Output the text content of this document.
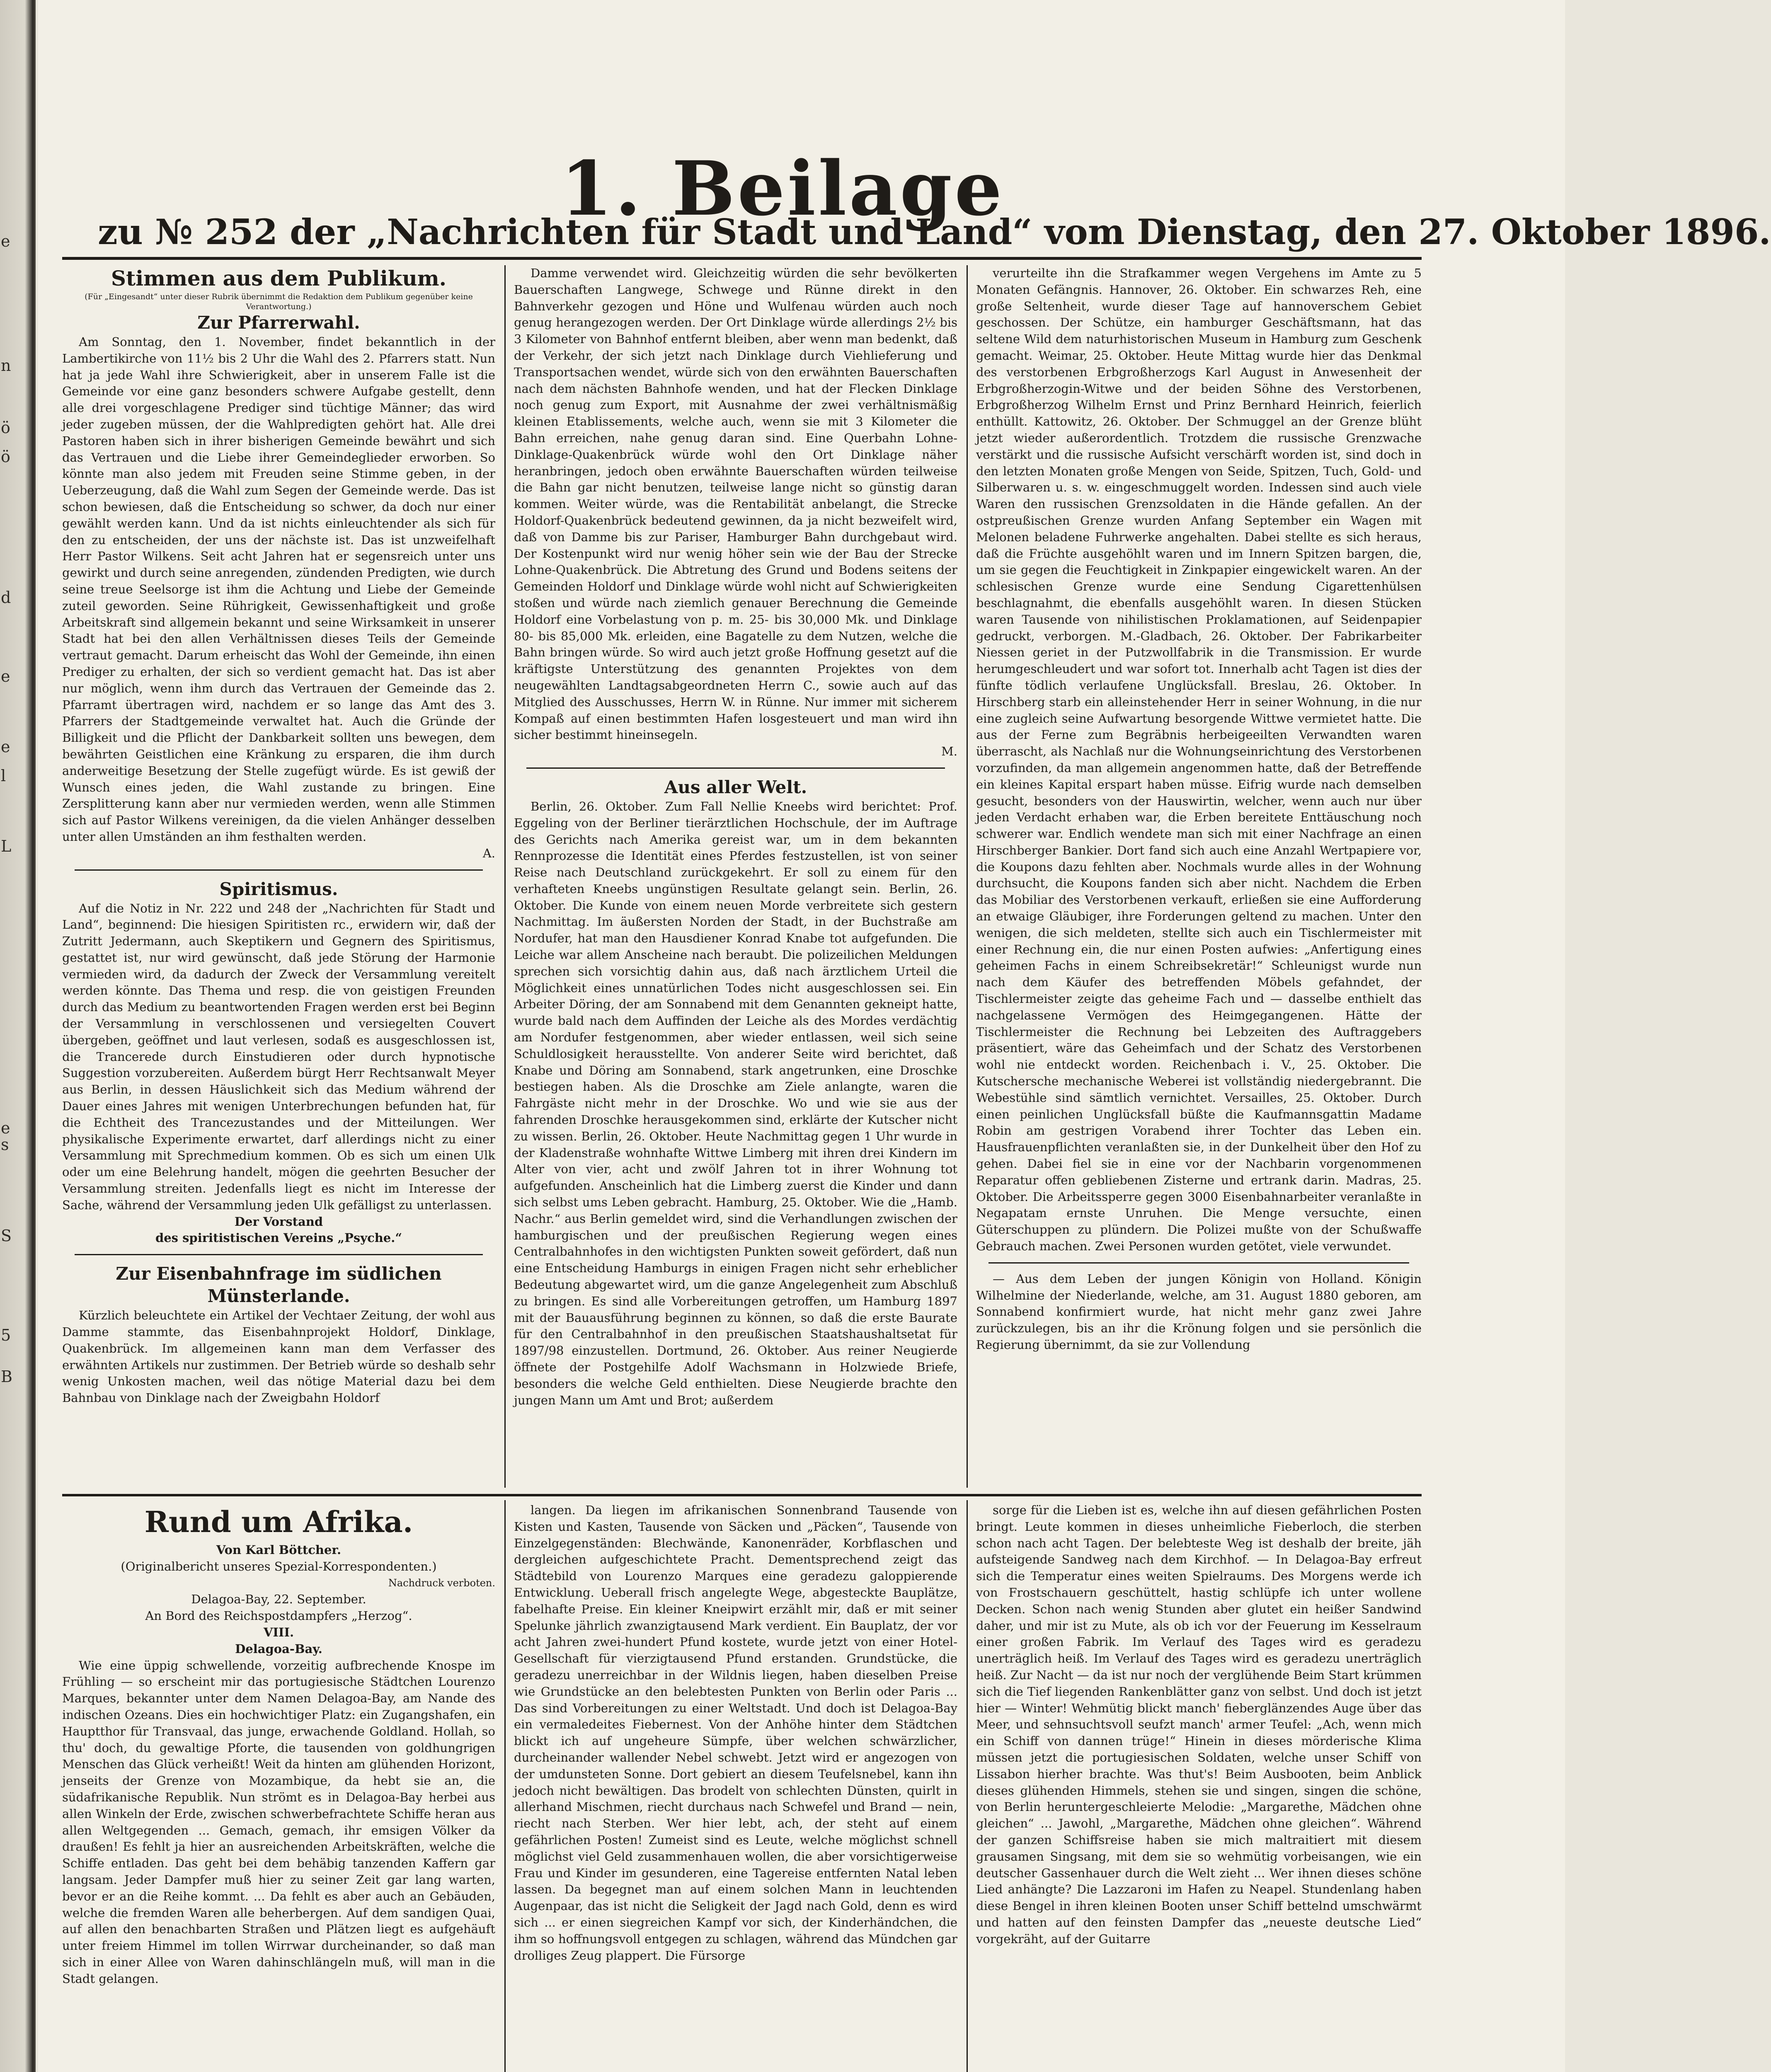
e
n
ö
ö
d
e
e
l
L
e
s
S
5
B
1. Beilage
zu № 252 der „Nachrichten für Stadt und Land“ vom Dienstag, den 27. Oktober 1896.

Stimmen aus dem Publikum.

(Für „Eingesandt“ unter dieser Rubrik übernimmt die Redaktion dem Publikum gegenüber keine Verantwortung.)

Zur Pfarrerwahl.

Am Sonntag, den 1. November, findet bekanntlich in der Lambertikirche von 11½ bis 2 Uhr die Wahl des 2. Pfarrers statt. Nun hat ja jede Wahl ihre Schwierigkeit, aber in unserem Falle ist die Gemeinde vor eine ganz besonders schwere Aufgabe gestellt, denn alle drei vorgeschlagene Prediger sind tüchtige Männer; das wird jeder zugeben müssen, der die Wahlpredigten gehört hat. Alle drei Pastoren haben sich in ihrer bisherigen Gemeinde bewährt und sich das Vertrauen und die Liebe ihrer Gemeindeglieder erworben. So könnte man also jedem mit Freuden seine Stimme geben, in der Ueberzeugung, daß die Wahl zum Segen der Gemeinde werde. Das ist schon bewiesen, daß die Entscheidung so schwer, da doch nur einer gewählt werden kann. Und da ist nichts einleuchtender als sich für den zu entscheiden, der uns der nächste ist. Das ist unzweifelhaft Herr Pastor Wilkens. Seit acht Jahren hat er segensreich unter uns gewirkt und durch seine anregenden, zündenden Predigten, wie durch seine treue Seelsorge ist ihm die Achtung und Liebe der Gemeinde zuteil geworden. Seine Rührigkeit, Gewissenhaftigkeit und große Arbeitskraft sind allgemein bekannt und seine Wirksamkeit in unserer Stadt hat bei den allen Verhältnissen dieses Teils der Gemeinde vertraut gemacht. Darum erheischt das Wohl der Gemeinde, ihn einen Prediger zu erhalten, der sich so verdient gemacht hat. Das ist aber nur möglich, wenn ihm durch das Vertrauen der Gemeinde das 2. Pfarramt übertragen wird, nachdem er so lange das Amt des 3. Pfarrers der Stadtgemeinde verwaltet hat. Auch die Gründe der Billigkeit und die Pflicht der Dankbarkeit sollten uns bewegen, dem bewährten Geistlichen eine Kränkung zu ersparen, die ihm durch anderweitige Besetzung der Stelle zugefügt würde. Es ist gewiß der Wunsch eines jeden, die Wahl zustande zu bringen. Eine Zersplitterung kann aber nur vermieden werden, wenn alle Stimmen sich auf Pastor Wilkens vereinigen, da die vielen Anhänger desselben unter allen Umständen an ihm festhalten werden.

A.

Spiritismus.

Auf die Notiz in Nr. 222 und 248 der „Nachrichten für Stadt und Land“, beginnend: Die hiesigen Spiritisten rc., erwidern wir, daß der Zutritt Jedermann, auch Skeptikern und Gegnern des Spiritismus, gestattet ist, nur wird gewünscht, daß jede Störung der Harmonie vermieden wird, da dadurch der Zweck der Versammlung vereitelt werden könnte. Das Thema und resp. die von geistigen Freunden durch das Medium zu beantwortenden Fragen werden erst bei Beginn der Versammlung in verschlossenen und versiegelten Couvert übergeben, geöffnet und laut verlesen, sodaß es ausgeschlossen ist, die Trancerede durch Einstudieren oder durch hypnotische Suggestion vorzubereiten. Außerdem bürgt Herr Rechtsanwalt Meyer aus Berlin, in dessen Häuslichkeit sich das Medium während der Dauer eines Jahres mit wenigen Unterbrechungen befunden hat, für die Echtheit des Trancezustandes und der Mitteilungen. Wer physikalische Experimente erwartet, darf allerdings nicht zu einer Versammlung mit Sprechmedium kommen. Ob es sich um einen Ulk oder um eine Belehrung handelt, mögen die geehrten Besucher der Versammlung streiten. Jedenfalls liegt es nicht im Interesse der Sache, während der Versammlung jeden Ulk gefälligst zu unterlassen.

Der Vorstand

des spiritistischen Vereins „Psyche.“

Zur Eisenbahnfrage im südlichen Münsterlande.

Kürzlich beleuchtete ein Artikel der Vechtaer Zeitung, der wohl aus Damme stammte, das Eisenbahnprojekt Holdorf, Dinklage, Quakenbrück. Im allgemeinen kann man dem Verfasser des erwähnten Artikels nur zustimmen. Der Betrieb würde so deshalb sehr wenig Unkosten machen, weil das nötige Material dazu bei dem Bahnbau von Dinklage nach der Zweigbahn Holdorf

Damme verwendet wird. Gleichzeitig würden die sehr bevölkerten Bauerschaften Langwege, Schwege und Rünne direkt in den Bahnverkehr gezogen und Höne und Wulfenau würden auch noch genug herangezogen werden. Der Ort Dinklage würde allerdings 2½ bis 3 Kilometer von Bahnhof entfernt bleiben, aber wenn man bedenkt, daß der Verkehr, der sich jetzt nach Dinklage durch Viehlieferung und Transportsachen wendet, würde sich von den erwähnten Bauerschaften nach dem nächsten Bahnhofe wenden, und hat der Flecken Dinklage noch genug zum Export, mit Ausnahme der zwei verhältnismäßig kleinen Etablissements, welche auch, wenn sie mit 3 Kilometer die Bahn erreichen, nahe genug daran sind. Eine Querbahn Lohne-Dinklage-Quakenbrück würde wohl den Ort Dinklage näher heranbringen, jedoch oben erwähnte Bauerschaften würden teilweise die Bahn gar nicht benutzen, teilweise lange nicht so günstig daran kommen. Weiter würde, was die Rentabilität anbelangt, die Strecke Holdorf-Quakenbrück bedeutend gewinnen, da ja nicht bezweifelt wird, daß von Damme bis zur Pariser, Hamburger Bahn durchgebaut wird. Der Kostenpunkt wird nur wenig höher sein wie der Bau der Strecke Lohne-Quakenbrück. Die Abtretung des Grund und Bodens seitens der Gemeinden Holdorf und Dinklage würde wohl nicht auf Schwierigkeiten stoßen und würde nach ziemlich genauer Berechnung die Gemeinde Holdorf eine Vorbelastung von p. m. 25- bis 30,000 Mk. und Dinklage 80- bis 85,000 Mk. erleiden, eine Bagatelle zu dem Nutzen, welche die Bahn bringen würde. So wird auch jetzt große Hoffnung gesetzt auf die kräftigste Unterstützung des genannten Projektes von dem neugewählten Landtagsabgeordneten Herrn C., sowie auch auf das Mitglied des Ausschusses, Herrn W. in Rünne. Nur immer mit sicherem Kompaß auf einen bestimmten Hafen losgesteuert und man wird ihn sicher bestimmt hineinsegeln.

M.

Aus aller Welt.

Berlin, 26. Oktober. Zum Fall Nellie Kneebs wird berichtet: Prof. Eggeling von der Berliner tierärztlichen Hochschule, der im Auftrage des Gerichts nach Amerika gereist war, um in dem bekannten Rennprozesse die Identität eines Pferdes festzustellen, ist von seiner Reise nach Deutschland zurückgekehrt. Er soll zu einem für den verhafteten Kneebs ungünstigen Resultate gelangt sein. Berlin, 26. Oktober. Die Kunde von einem neuen Morde verbreitete sich gestern Nachmittag. Im äußersten Norden der Stadt, in der Buchstraße am Nordufer, hat man den Hausdiener Konrad Knabe tot aufgefunden. Die Leiche war allem Anscheine nach beraubt. Die polizeilichen Meldungen sprechen sich vorsichtig dahin aus, daß nach ärztlichem Urteil die Möglichkeit eines unnatürlichen Todes nicht ausgeschlossen sei. Ein Arbeiter Döring, der am Sonnabend mit dem Genannten gekneipt hatte, wurde bald nach dem Auffinden der Leiche als des Mordes verdächtig am Nordufer festgenommen, aber wieder entlassen, weil sich seine Schuldlosigkeit herausstellte. Von anderer Seite wird berichtet, daß Knabe und Döring am Sonnabend, stark angetrunken, eine Droschke bestiegen haben. Als die Droschke am Ziele anlangte, waren die Fahrgäste nicht mehr in der Droschke. Wo und wie sie aus der fahrenden Droschke herausgekommen sind, erklärte der Kutscher nicht zu wissen. Berlin, 26. Oktober. Heute Nachmittag gegen 1 Uhr wurde in der Kladenstraße wohnhafte Wittwe Limberg mit ihren drei Kindern im Alter von vier, acht und zwölf Jahren tot in ihrer Wohnung tot aufgefunden. Anscheinlich hat die Limberg zuerst die Kinder und dann sich selbst ums Leben gebracht. Hamburg, 25. Oktober. Wie die „Hamb. Nachr.“ aus Berlin gemeldet wird, sind die Verhandlungen zwischen der hamburgischen und der preußischen Regierung wegen eines Centralbahnhofes in den wichtigsten Punkten soweit gefördert, daß nun eine Entscheidung Hamburgs in einigen Fragen nicht sehr erheblicher Bedeutung abgewartet wird, um die ganze Angelegenheit zum Abschluß zu bringen. Es sind alle Vorbereitungen getroffen, um Hamburg 1897 mit der Bauausführung beginnen zu können, so daß die erste Baurate für den Centralbahnhof in den preußischen Staatshaushaltsetat für 1897/98 einzustellen. Dortmund, 26. Oktober. Aus reiner Neugierde öffnete der Postgehilfe Adolf Wachsmann in Holzwiede Briefe, besonders die welche Geld enthielten. Diese Neugierde brachte den jungen Mann um Amt und Brot; außerdem

verurteilte ihn die Strafkammer wegen Vergehens im Amte zu 5 Monaten Gefängnis. Hannover, 26. Oktober. Ein schwarzes Reh, eine große Seltenheit, wurde dieser Tage auf hannoverschem Gebiet geschossen. Der Schütze, ein hamburger Geschäftsmann, hat das seltene Wild dem naturhistorischen Museum in Hamburg zum Geschenk gemacht. Weimar, 25. Oktober. Heute Mittag wurde hier das Denkmal des verstorbenen Erbgroßherzogs Karl August in Anwesenheit der Erbgroßherzogin-Witwe und der beiden Söhne des Verstorbenen, Erbgroßherzog Wilhelm Ernst und Prinz Bernhard Heinrich, feierlich enthüllt. Kattowitz, 26. Oktober. Der Schmuggel an der Grenze blüht jetzt wieder außerordentlich. Trotzdem die russische Grenzwache verstärkt und die russische Aufsicht verschärft worden ist, sind doch in den letzten Monaten große Mengen von Seide, Spitzen, Tuch, Gold- und Silberwaren u. s. w. eingeschmuggelt worden. Indessen sind auch viele Waren den russischen Grenzsoldaten in die Hände gefallen. An der ostpreußischen Grenze wurden Anfang September ein Wagen mit Melonen beladene Fuhrwerke angehalten. Dabei stellte es sich heraus, daß die Früchte ausgehöhlt waren und im Innern Spitzen bargen, die, um sie gegen die Feuchtigkeit in Zinkpapier eingewickelt waren. An der schlesischen Grenze wurde eine Sendung Cigarettenhülsen beschlagnahmt, die ebenfalls ausgehöhlt waren. In diesen Stücken waren Tausende von nihilistischen Proklamationen, auf Seidenpapier gedruckt, verborgen. M.-Gladbach, 26. Oktober. Der Fabrikarbeiter Niessen geriet in der Putzwollfabrik in die Transmission. Er wurde herumgeschleudert und war sofort tot. Innerhalb acht Tagen ist dies der fünfte tödlich verlaufene Unglücksfall. Breslau, 26. Oktober. In Hirschberg starb ein alleinstehender Herr in seiner Wohnung, in die nur eine zugleich seine Aufwartung besorgende Wittwe vermietet hatte. Die aus der Ferne zum Begräbnis herbeigeeilten Verwandten waren überrascht, als Nachlaß nur die Wohnungseinrichtung des Verstorbenen vorzufinden, da man allgemein angenommen hatte, daß der Betreffende ein kleines Kapital erspart haben müsse. Eifrig wurde nach demselben gesucht, besonders von der Hauswirtin, welcher, wenn auch nur über jeden Verdacht erhaben war, die Erben bereitete Enttäuschung noch schwerer war. Endlich wendete man sich mit einer Nachfrage an einen Hirschberger Bankier. Dort fand sich auch eine Anzahl Wertpapiere vor, die Koupons dazu fehlten aber. Nochmals wurde alles in der Wohnung durchsucht, die Koupons fanden sich aber nicht. Nachdem die Erben das Mobiliar des Verstorbenen verkauft, erließen sie eine Aufforderung an etwaige Gläubiger, ihre Forderungen geltend zu machen. Unter den wenigen, die sich meldeten, stellte sich auch ein Tischlermeister mit einer Rechnung ein, die nur einen Posten aufwies: „Anfertigung eines geheimen Fachs in einem Schreibsekretär!“ Schleunigst wurde nun nach dem Käufer des betreffenden Möbels gefahndet, der Tischlermeister zeigte das geheime Fach und — dasselbe enthielt das nachgelassene Vermögen des Heimgegangenen. Hätte der Tischlermeister die Rechnung bei Lebzeiten des Auftraggebers präsentiert, wäre das Geheimfach und der Schatz des Verstorbenen wohl nie entdeckt worden. Reichenbach i. V., 25. Oktober. Die Kutschersche mechanische Weberei ist vollständig niedergebrannt. Die Webestühle sind sämtlich vernichtet. Versailles, 25. Oktober. Durch einen peinlichen Unglücksfall büßte die Kaufmannsgattin Madame Robin am gestrigen Vorabend ihrer Tochter das Leben ein. Hausfrauenpflichten veranlaßten sie, in der Dunkelheit über den Hof zu gehen. Dabei fiel sie in eine vor der Nachbarin vorgenommenen Reparatur offen gebliebenen Zisterne und ertrank darin. Madras, 25. Oktober. Die Arbeitssperre gegen 3000 Eisenbahnarbeiter veranlaßte in Negapatam ernste Unruhen. Die Menge versuchte, einen Güterschuppen zu plündern. Die Polizei mußte von der Schußwaffe Gebrauch machen. Zwei Personen wurden getötet, viele verwundet.

— Aus dem Leben der jungen Königin von Holland. Königin Wilhelmine der Niederlande, welche, am 31. August 1880 geboren, am Sonnabend konfirmiert wurde, hat nicht mehr ganz zwei Jahre zurückzulegen, bis an ihr die Krönung folgen und sie persönlich die Regierung übernimmt, da sie zur Vollendung

Rund um Afrika.

Von Karl Böttcher.

(Originalbericht unseres Spezial-Korrespondenten.)

Nachdruck verboten.

Delagoa-Bay, 22. September.

An Bord des Reichspostdampfers „Herzog“.

VIII.

Delagoa-Bay.

Wie eine üppig schwellende, vorzeitig aufbrechende Knospe im Frühling — so erscheint mir das portugiesische Städtchen Lourenzo Marques, bekannter unter dem Namen Delagoa-Bay, am Nande des indischen Ozeans. Dies ein hochwichtiger Platz: ein Zugangshafen, ein Hauptthor für Transvaal, das junge, erwachende Goldland. Hollah, so thu' doch, du gewaltige Pforte, die tausenden von goldhungrigen Menschen das Glück verheißt! Weit da hinten am glühenden Horizont, jenseits der Grenze von Mozambique, da hebt sie an, die südafrikanische Republik. Nun strömt es in Delagoa-Bay herbei aus allen Winkeln der Erde, zwischen schwerbefrachtete Schiffe heran aus allen Weltgegenden ... Gemach, gemach, ihr emsigen Völker da draußen! Es fehlt ja hier an ausreichenden Arbeitskräften, welche die Schiffe entladen. Das geht bei dem behäbig tanzenden Kaffern gar langsam. Jeder Dampfer muß hier zu seiner Zeit gar lang warten, bevor er an die Reihe kommt. ... Da fehlt es aber auch an Gebäuden, welche die fremden Waren alle beherbergen. Auf dem sandigen Quai, auf allen den benachbarten Straßen und Plätzen liegt es aufgehäuft unter freiem Himmel im tollen Wirrwar durcheinander, so daß man sich in einer Allee von Waren dahinschlängeln muß, will man in die Stadt gelangen.

langen. Da liegen im afrikanischen Sonnenbrand Tausende von Kisten und Kasten, Tausende von Säcken und „Päcken“, Tausende von Einzelgegenständen: Blechwände, Kanonenräder, Korbflaschen und dergleichen aufgeschichtete Pracht. Dementsprechend zeigt das Städtebild von Lourenzo Marques eine geradezu galoppierende Entwicklung. Ueberall frisch angelegte Wege, abgesteckte Bauplätze, fabelhafte Preise. Ein kleiner Kneipwirt erzählt mir, daß er mit seiner Spelunke jährlich zwanzigtausend Mark verdient. Ein Bauplatz, der vor acht Jahren zwei-hundert Pfund kostete, wurde jetzt von einer Hotel-Gesellschaft für vierzigtausend Pfund erstanden. Grundstücke, die geradezu unerreichbar in der Wildnis liegen, haben dieselben Preise wie Grundstücke an den belebtesten Punkten von Berlin oder Paris ... Das sind Vorbereitungen zu einer Weltstadt. Und doch ist Delagoa-Bay ein vermaledeites Fiebernest. Von der Anhöhe hinter dem Städtchen blickt ich auf ungeheure Sümpfe, über welchen schwärzlicher, durcheinander wallender Nebel schwebt. Jetzt wird er angezogen von der umdunsteten Sonne. Dort gebiert an diesem Teufelsnebel, kann ihn jedoch nicht bewältigen. Das brodelt von schlechten Dünsten, quirlt in allerhand Mischmen, riecht durchaus nach Schwefel und Brand — nein, riecht nach Sterben. Wer hier lebt, ach, der steht auf einem gefährlichen Posten! Zumeist sind es Leute, welche möglichst schnell möglichst viel Geld zusammenhauen wollen, die aber vorsichtigerweise Frau und Kinder im gesunderen, eine Tagereise entfernten Natal leben lassen. Da begegnet man auf einem solchen Mann in leuchtenden Augenpaar, das ist nicht die Seligkeit der Jagd nach Gold, denn es wird sich ... er einen siegreichen Kampf vor sich, der Kinderhändchen, die ihm so hoffnungsvoll entgegen zu schlagen, während das Mündchen gar drolliges Zeug plappert. Die Fürsorge

sorge für die Lieben ist es, welche ihn auf diesen gefährlichen Posten bringt. Leute kommen in dieses unheimliche Fieberloch, die sterben schon nach acht Tagen. Der belebteste Weg ist deshalb der breite, jäh aufsteigende Sandweg nach dem Kirchhof. — In Delagoa-Bay erfreut sich die Temperatur eines weiten Spielraums. Des Morgens werde ich von Frostschauern geschüttelt, hastig schlüpfe ich unter wollene Decken. Schon nach wenig Stunden aber glutet ein heißer Sandwind daher, und mir ist zu Mute, als ob ich vor der Feuerung im Kesselraum einer großen Fabrik. Im Verlauf des Tages wird es geradezu unerträglich heiß. Im Verlauf des Tages wird es geradezu unerträglich heiß. Zur Nacht — da ist nur noch der verglühende Beim Start krümmen sich die Tief liegenden Rankenblätter ganz von selbst. Und doch ist jetzt hier — Winter! Wehmütig blickt manch' fieberglänzendes Auge über das Meer, und sehnsuchtsvoll seufzt manch' armer Teufel: „Ach, wenn mich ein Schiff von dannen trüge!“ Hinein in dieses mörderische Klima müssen jetzt die portugiesischen Soldaten, welche unser Schiff von Lissabon hierher brachte. Was thut's! Beim Ausbooten, beim Anblick dieses glühenden Himmels, stehen sie und singen, singen die schöne, von Berlin heruntergeschleierte Melodie: „Margarethe, Mädchen ohne gleichen“ ... Jawohl, „Margarethe, Mädchen ohne gleichen“. Während der ganzen Schiffsreise haben sie mich maltraitiert mit diesem grausamen Singsang, mit dem sie so wehmütig vorbeisangen, wie ein deutscher Gassenhauer durch die Welt zieht ... Wer ihnen dieses schöne Lied anhängte? Die Lazzaroni im Hafen zu Neapel. Stundenlang haben diese Bengel in ihren kleinen Booten unser Schiff bettelnd umschwärmt und hatten auf den feinsten Dampfer das „neueste deutsche Lied“ vorgekräht, auf der Guitarre
